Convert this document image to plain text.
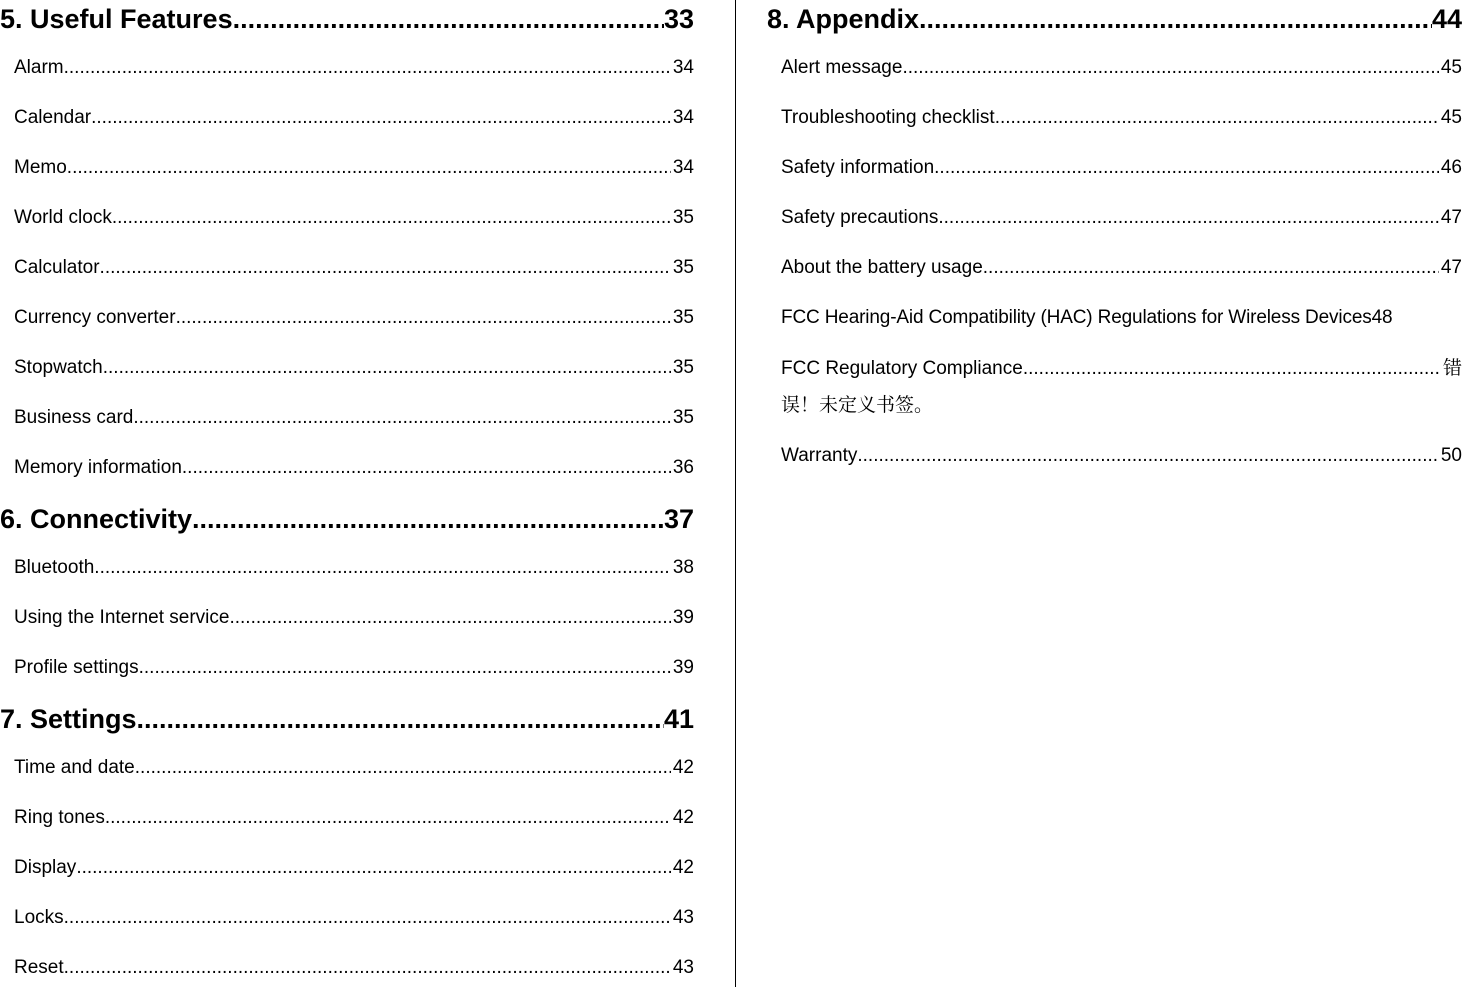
5. Useful Features .....	33
Alarm .....	34
Calendar .....	34
Memo .....	34
World clock .....	35
Calculator .....	35
Currency converter .....	35
Stopwatch .....	35
Business card .....	35
Memory information .....	36
6. Connectivity .....	37
Bluetooth .....	38
Using the Internet service .....	39
Profile settings .....	39
7. Settings .....	41
Time and date .....	42
Ring tones .....	42
Display .....	42
Locks .....	43
Reset .....	43
8. Appendix .....	44
Alert message .....	45
Troubleshooting checklist .....	45
Safety information .....	46
Safety precautions .....	47
About the battery usage .....	47
FCC Hearing-Aid Compatibility (HAC) Regulations for Wireless Devices 48
FCC Regulatory Compliance .....	错
误！未定义书签。
Warranty .....	50
